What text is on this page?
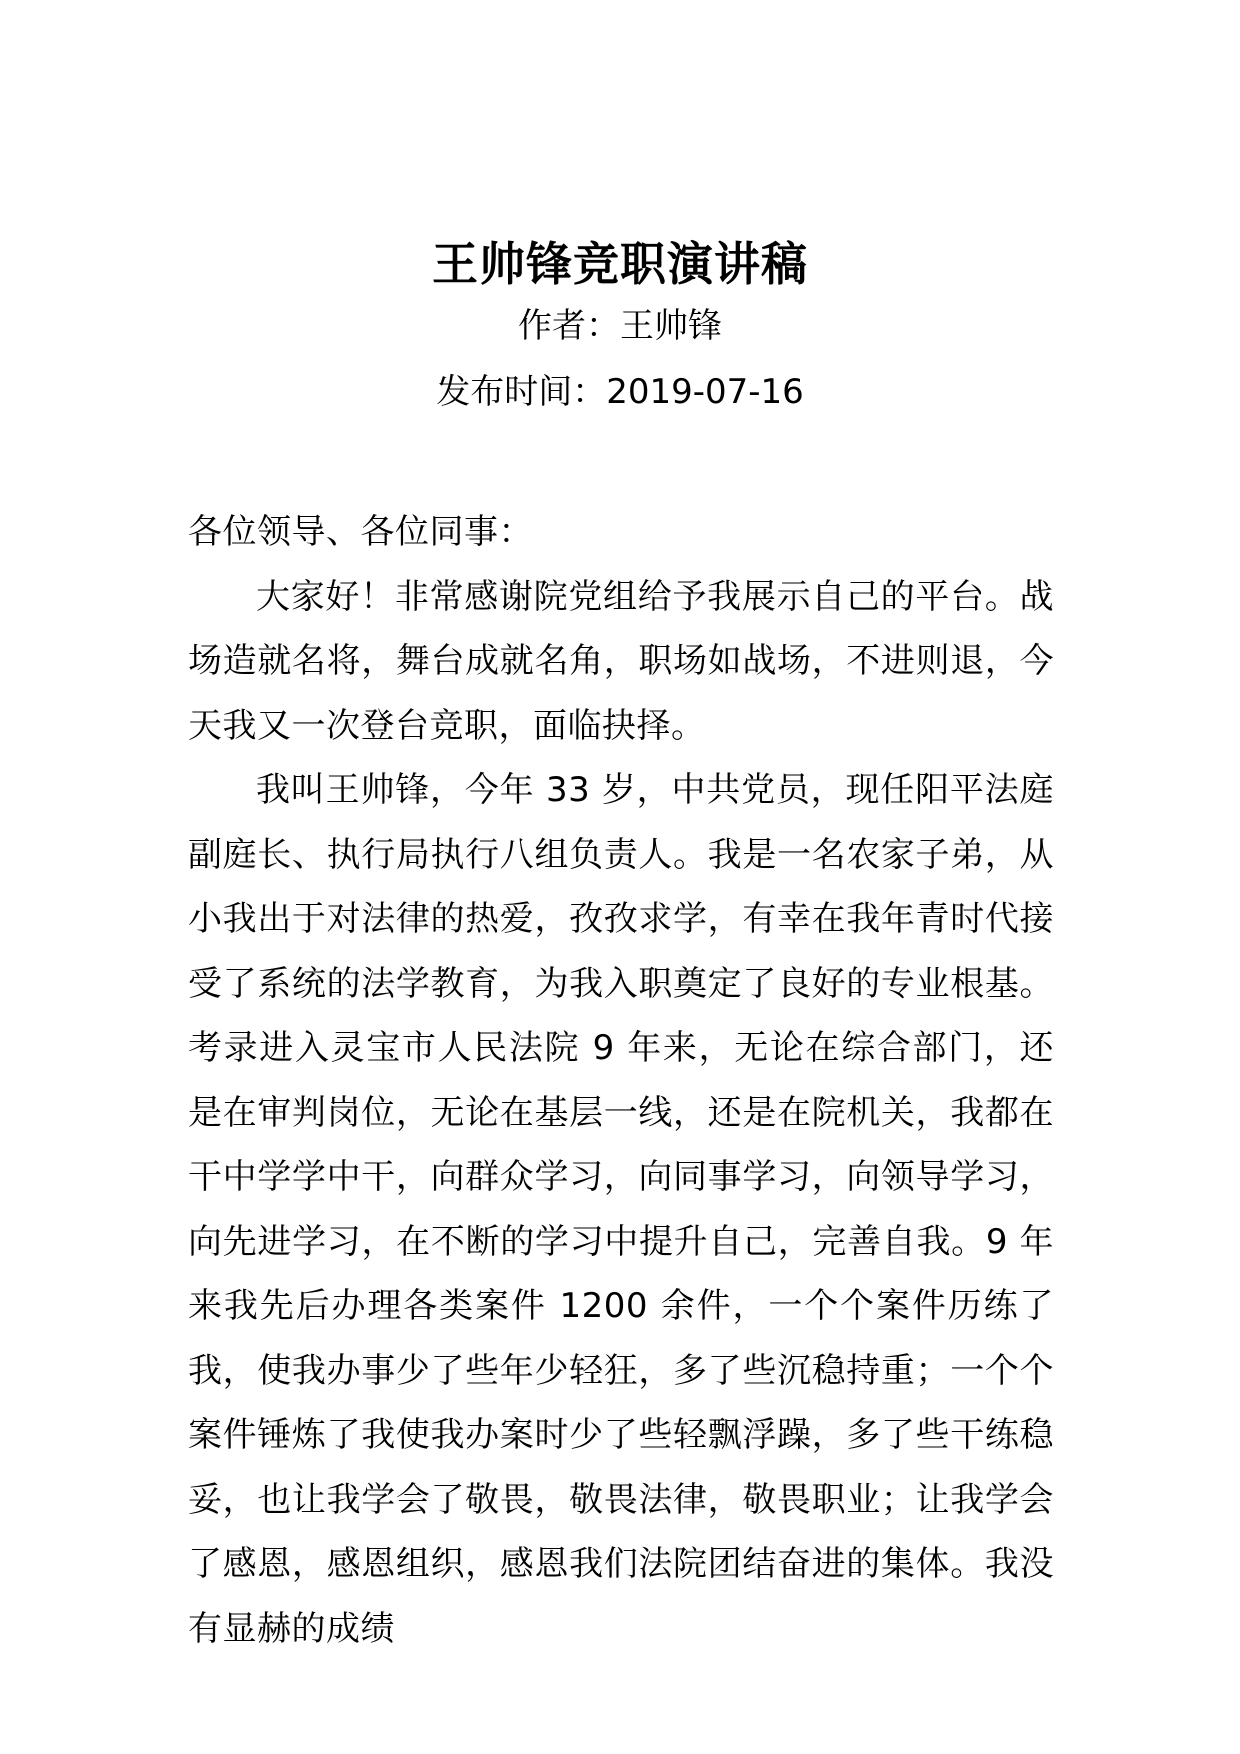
王帅锋竞职演讲稿
作者：王帅锋
发布时间：2019-07-16

各位领导、各位同事：

大家好！非常感谢院党组给予我展示自己的平台。战场造就名将，舞台成就名角，职场如战场，不进则退，今天我又一次登台竞职，面临抉择。

我叫王帅锋，今年 33 岁，中共党员，现任阳平法庭副庭长、执行局执行八组负责人。我是一名农家子弟，从小我出于对法律的热爱，孜孜求学，有幸在我年青时代接受了系统的法学教育，为我入职奠定了良好的专业根基。考录进入灵宝市人民法院 9 年来，无论在综合部门，还是在审判岗位，无论在基层一线，还是在院机关，我都在干中学学中干，向群众学习，向同事学习，向领导学习，向先进学习，在不断的学习中提升自己，完善自我。9 年来我先后办理各类案件 1200 余件，一个个案件历练了我，使我办事少了些年少轻狂，多了些沉稳持重；一个个案件锤炼了我使我办案时少了些轻飘浮躁，多了些干练稳妥，也让我学会了敬畏，敬畏法律，敬畏职业；让我学会了感恩，感恩组织，感恩我们法院团结奋进的集体。我没有显赫的成绩
